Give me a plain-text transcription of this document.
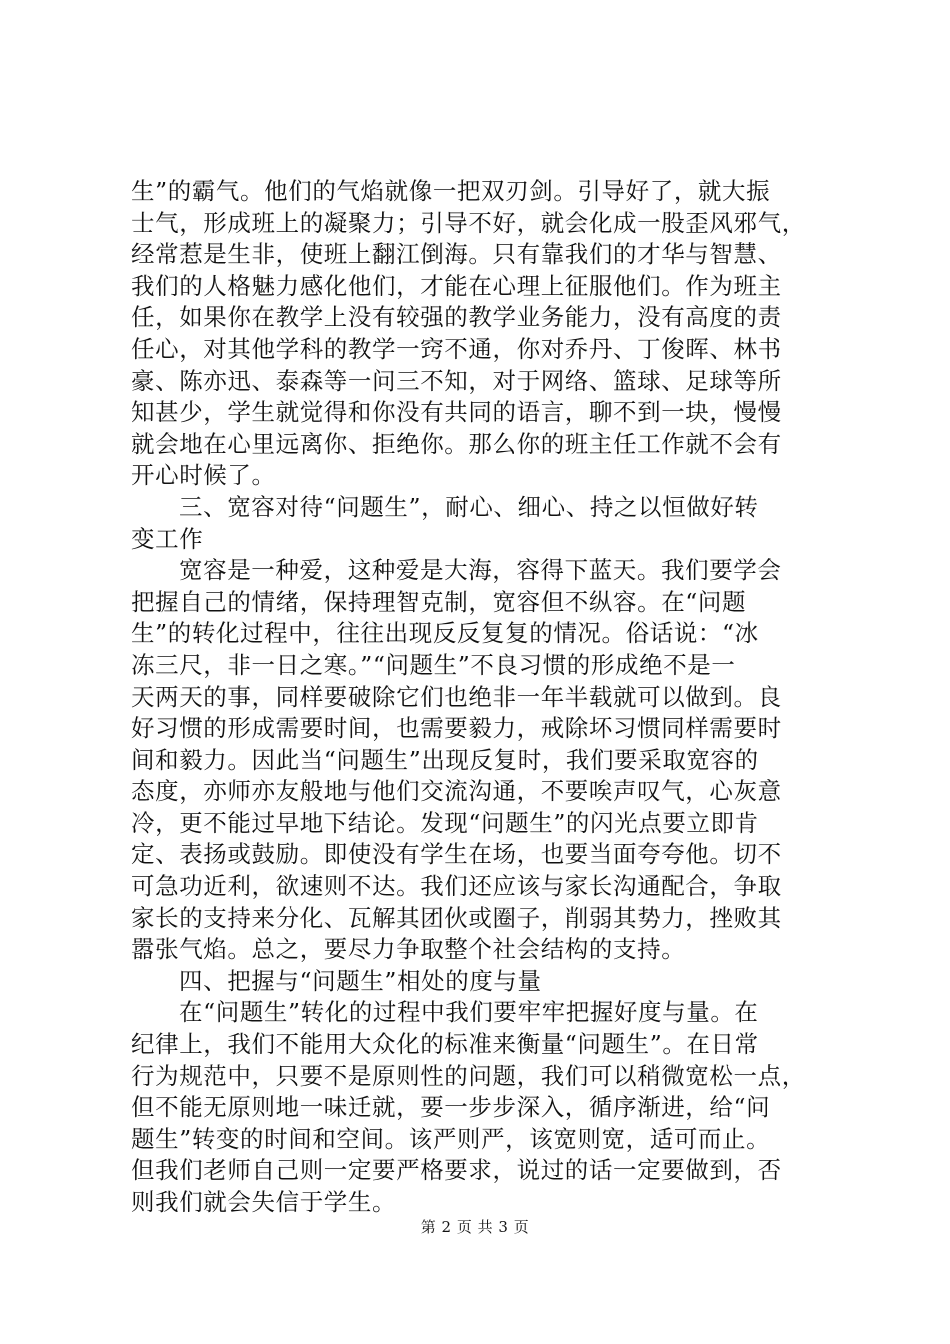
生”的霸气。他们的气焰就像一把双刃剑。引导好了，就大振
士气，形成班上的凝聚力；引导不好，就会化成一股歪风邪气，
经常惹是生非，使班上翻江倒海。只有靠我们的才华与智慧、
我们的人格魅力感化他们，才能在心理上征服他们。作为班主
任，如果你在教学上没有较强的教学业务能力，没有高度的责
任心，对其他学科的教学一窍不通，你对乔丹、丁俊晖、林书
豪、陈亦迅、泰森等一问三不知，对于网络、篮球、足球等所
知甚少，学生就觉得和你没有共同的语言，聊不到一块，慢慢
就会地在心里远离你、拒绝你。那么你的班主任工作就不会有
开心时候了。
三、宽容对待“问题生”，耐心、细心、持之以恒做好转
变工作
宽容是一种爱，这种爱是大海，容得下蓝天。我们要学会
把握自己的情绪，保持理智克制，宽容但不纵容。在“问题
生”的转化过程中，往往出现反反复复的情况。俗话说：“冰
冻三尺，非一日之寒。”“问题生”不良习惯的形成绝不是一
天两天的事，同样要破除它们也绝非一年半载就可以做到。良
好习惯的形成需要时间，也需要毅力，戒除坏习惯同样需要时
间和毅力。因此当“问题生”出现反复时，我们要采取宽容的
态度，亦师亦友般地与他们交流沟通，不要唉声叹气，心灰意
冷，更不能过早地下结论。发现“问题生”的闪光点要立即肯
定、表扬或鼓励。即使没有学生在场，也要当面夸夸他。切不
可急功近利，欲速则不达。我们还应该与家长沟通配合，争取
家长的支持来分化、瓦解其团伙或圈子，削弱其势力，挫败其
嚣张气焰。总之，要尽力争取整个社会结构的支持。
四、把握与“问题生”相处的度与量
在“问题生”转化的过程中我们要牢牢把握好度与量。在
纪律上，我们不能用大众化的标准来衡量“问题生”。在日常
行为规范中，只要不是原则性的问题，我们可以稍微宽松一点，
但不能无原则地一味迁就，要一步步深入，循序渐进，给“问
题生”转变的时间和空间。该严则严，该宽则宽，适可而止。
但我们老师自己则一定要严格要求，说过的话一定要做到，否
则我们就会失信于学生。
第 2 页 共 3 页
